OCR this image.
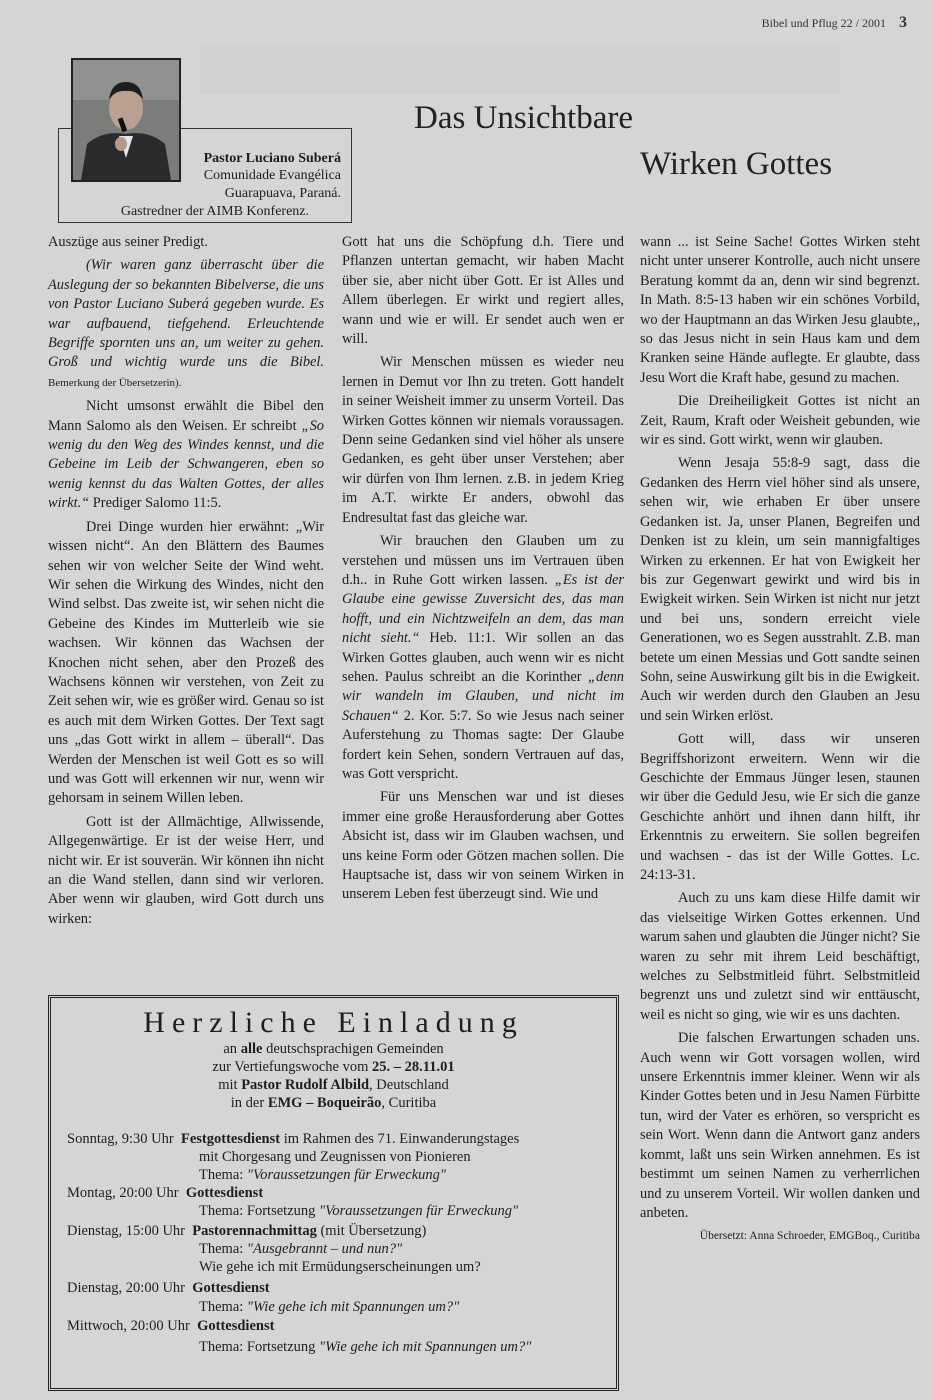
Bibel und Pflug 22 / 2001 3
Das Unsichtbare
Wirken Gottes
Pastor Luciano Suberá
Comunidade Evangélica
Guarapuava, Paraná.
Gastredner der AIMB Konferenz.

Auszüge aus seiner Predigt.

(Wir waren ganz überrascht über die Auslegung der so bekannten Bibelverse, die uns von Pastor Luciano Suberá gegeben wurde. Es war aufbauend, tiefgehend. Erleuchtende Begriffe spornten uns an, um weiter zu gehen. Groß und wichtig wurde uns die Bibel. Bemerkung der Übersetzerin).

Nicht umsonst erwählt die Bibel den Mann Salomo als den Weisen. Er schreibt „So wenig du den Weg des Windes kennst, und die Gebeine im Leib der Schwangeren, eben so wenig kennst du das Walten Gottes, der alles wirkt.“ Prediger Salomo 11:5.

Drei Dinge wurden hier erwähnt: „Wir wissen nicht“. An den Blättern des Baumes sehen wir von welcher Seite der Wind weht. Wir sehen die Wirkung des Windes, nicht den Wind selbst. Das zweite ist, wir sehen nicht die Gebeine des Kindes im Mutterleib wie sie wachsen. Wir können das Wachsen der Knochen nicht sehen, aber den Prozeß des Wachsens können wir verstehen, von Zeit zu Zeit sehen wir, wie es größer wird. Genau so ist es auch mit dem Wirken Gottes. Der Text sagt uns „das Gott wirkt in allem – überall“. Das Werden der Menschen ist weil Gott es so will und was Gott will erkennen wir nur, wenn wir gehorsam in seinem Willen leben.

Gott ist der Allmächtige, Allwissende, Allgegenwärtige. Er ist der weise Herr, und nicht wir. Er ist souverän. Wir können ihn nicht an die Wand stellen, dann sind wir verloren. Aber wenn wir glauben, wird Gott durch uns wirken:

Gott hat uns die Schöpfung d.h. Tiere und Pflanzen untertan gemacht, wir haben Macht über sie, aber nicht über Gott. Er ist Alles und Allem überlegen. Er wirkt und regiert alles, wann und wie er will. Er sendet auch wen er will.

Wir Menschen müssen es wieder neu lernen in Demut vor Ihn zu treten. Gott handelt in seiner Weisheit immer zu unserm Vorteil. Das Wirken Gottes können wir niemals voraussagen. Denn seine Gedanken sind viel höher als unsere Gedanken, es geht über unser Verstehen; aber wir dürfen von Ihm lernen. z.B. in jedem Krieg im A.T. wirkte Er anders, obwohl das Endresultat fast das gleiche war.

Wir brauchen den Glauben um zu verstehen und müssen uns im Vertrauen üben d.h.. in Ruhe Gott wirken lassen. „Es ist der Glaube eine gewisse Zuversicht des, das man hofft, und ein Nichtzweifeln an dem, das man nicht sieht.“ Heb. 11:1. Wir sollen an das Wirken Gottes glauben, auch wenn wir es nicht sehen. Paulus schreibt an die Korinther „denn wir wandeln im Glauben, und nicht im Schauen“ 2. Kor. 5:7. So wie Jesus nach seiner Auferstehung zu Thomas sagte: Der Glaube fordert kein Sehen, sondern Vertrauen auf das, was Gott verspricht.

Für uns Menschen war und ist dieses immer eine große Herausforderung aber Gottes Absicht ist, dass wir im Glauben wachsen, und uns keine Form oder Götzen machen sollen. Die Hauptsache ist, dass wir von seinem Wirken in unserem Leben fest überzeugt sind. Wie und

wann ... ist Seine Sache! Gottes Wirken steht nicht unter unserer Kontrolle, auch nicht unsere Beratung kommt da an, denn wir sind begrenzt. In Math. 8:5-13 haben wir ein schönes Vorbild, wo der Hauptmann an das Wirken Jesu glaubte,, so das Jesus nicht in sein Haus kam und dem Kranken seine Hände auflegte. Er glaubte, dass Jesu Wort die Kraft habe, gesund zu machen.

Die Dreiheiligkeit Gottes ist nicht an Zeit, Raum, Kraft oder Weisheit gebunden, wie wir es sind. Gott wirkt, wenn wir glauben.

Wenn Jesaja 55:8-9 sagt, dass die Gedanken des Herrn viel höher sind als unsere, sehen wir, wie erhaben Er über unsere Gedanken ist. Ja, unser Planen, Begreifen und Denken ist zu klein, um sein mannigfaltiges Wirken zu erkennen. Er hat von Ewigkeit her bis zur Gegenwart gewirkt und wird bis in Ewigkeit wirken. Sein Wirken ist nicht nur jetzt und bei uns, sondern erreicht viele Generationen, wo es Segen ausstrahlt. Z.B. man betete um einen Messias und Gott sandte seinen Sohn, seine Auswirkung gilt bis in die Ewigkeit. Auch wir werden durch den Glauben an Jesu und sein Wirken erlöst.

Gott will, dass wir unseren Begriffshorizont erweitern. Wenn wir die Geschichte der Emmaus Jünger lesen, staunen wir über die Geduld Jesu, wie Er sich die ganze Geschichte anhört und ihnen dann hilft, ihr Erkenntnis zu erweitern. Sie sollen begreifen und wachsen - das ist der Wille Gottes. Lc. 24:13-31.

Auch zu uns kam diese Hilfe damit wir das vielseitige Wirken Gottes erkennen. Und warum sahen und glaubten die Jünger nicht? Sie waren zu sehr mit ihrem Leid beschäftigt, welches zu Selbstmitleid führt. Selbstmitleid begrenzt uns und zuletzt sind wir enttäuscht, weil es nicht so ging, wie wir es uns dachten.

Die falschen Erwartungen schaden uns. Auch wenn wir Gott vorsagen wollen, wird unsere Erkenntnis immer kleiner. Wenn wir als Kinder Gottes beten und in Jesu Namen Fürbitte tun, wird der Vater es erhören, so verspricht es sein Wort. Wenn dann die Antwort ganz anders kommt, laßt uns sein Wirken annehmen. Es ist bestimmt um seinen Namen zu verherrlichen und zu unserem Vorteil. Wir wollen danken und anbeten.

Übersetzt: Anna Schroeder, EMGBoq., Curitiba

Herzliche Einladung
an alle deutschsprachigen Gemeinden
zur Vertiefungswoche vom 25. – 28.11.01
mit Pastor Rudolf Albild, Deutschland
in der EMG – Boqueirão, Curitiba
Sonntag, 9:30 Uhr Festgottesdienst im Rahmen des 71. Einwanderungstages
mit Chorgesang und Zeugnissen von Pionieren
Thema: "Voraussetzungen für Erweckung"
Montag, 20:00 Uhr Gottesdienst
Thema: Fortsetzung "Voraussetzungen für Erweckung"
Dienstag, 15:00 Uhr Pastorennachmittag (mit Übersetzung)
Thema: "Ausgebrannt – und nun?"
Wie gehe ich mit Ermüdungserscheinungen um?
Dienstag, 20:00 Uhr Gottesdienst
Thema: "Wie gehe ich mit Spannungen um?"
Mittwoch, 20:00 Uhr Gottesdienst
Thema: Fortsetzung "Wie gehe ich mit Spannungen um?"
